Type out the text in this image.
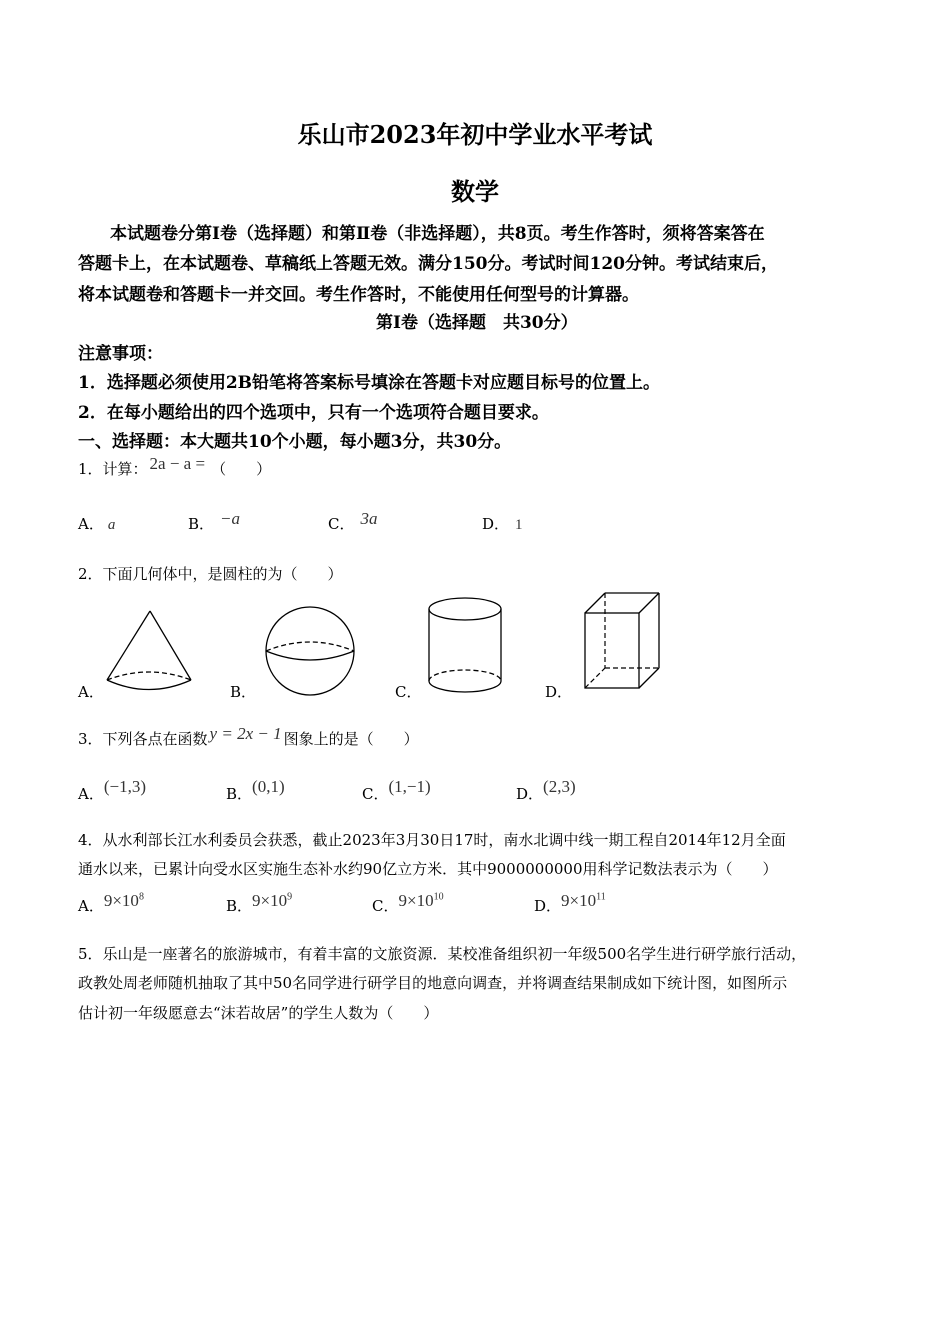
乐山市2023年初中学业水平考试
数学
本试题卷分第Ⅰ卷（选择题）和第Ⅱ卷（非选择题），共8页。考生作答时，须将答案答在
答题卡上，在本试题卷、草稿纸上答题无效。满分150分。考试时间120分钟。考试结束后，
将本试题卷和答题卡一并交回。考生作答时，不能使用任何型号的计算器。
第Ⅰ卷（选择题　共30分）
注意事项：
1．选择题必须使用2B铅笔将答案标号填涂在答题卡对应题目标号的位置上。
2．在每小题给出的四个选项中，只有一个选项符合题目要求。
一、选择题：本大题共10个小题，每小题3分，共30分。
1．计算： 2a − a = （　　）
A． a	B． −a	C． 3a	D． 1
2．下面几何体中，是圆柱的为（　　）
A．	B．	C．	D．
3．下列各点在函数 y = 2x − 1 图象上的是（　　）
A．(−1,3)	B．(0,1)	C．(1,−1)	D．(2,3)
4．从水利部长江水利委员会获悉，截止2023年3月30日17时，南水北调中线一期工程自2014年12月全面
通水以来，已累计向受水区实施生态补水约90亿立方米．其中9000000000用科学记数法表示为（　　）
A．$9\times 10^8$
B．$9\times 10^9$
C．$9\times 10^{10}$
D．$9\times 10^{11}$
5．乐山是一座著名的旅游城市，有着丰富的文旅资源．某校准备组织初一年级500名学生进行研学旅行活动，
政教处周老师随机抽取了其中50名同学进行研学目的地意向调查，并将调查结果制成如下统计图，如图所示
估计初一年级愿意去“沫若故居”的学生人数为（　　）
